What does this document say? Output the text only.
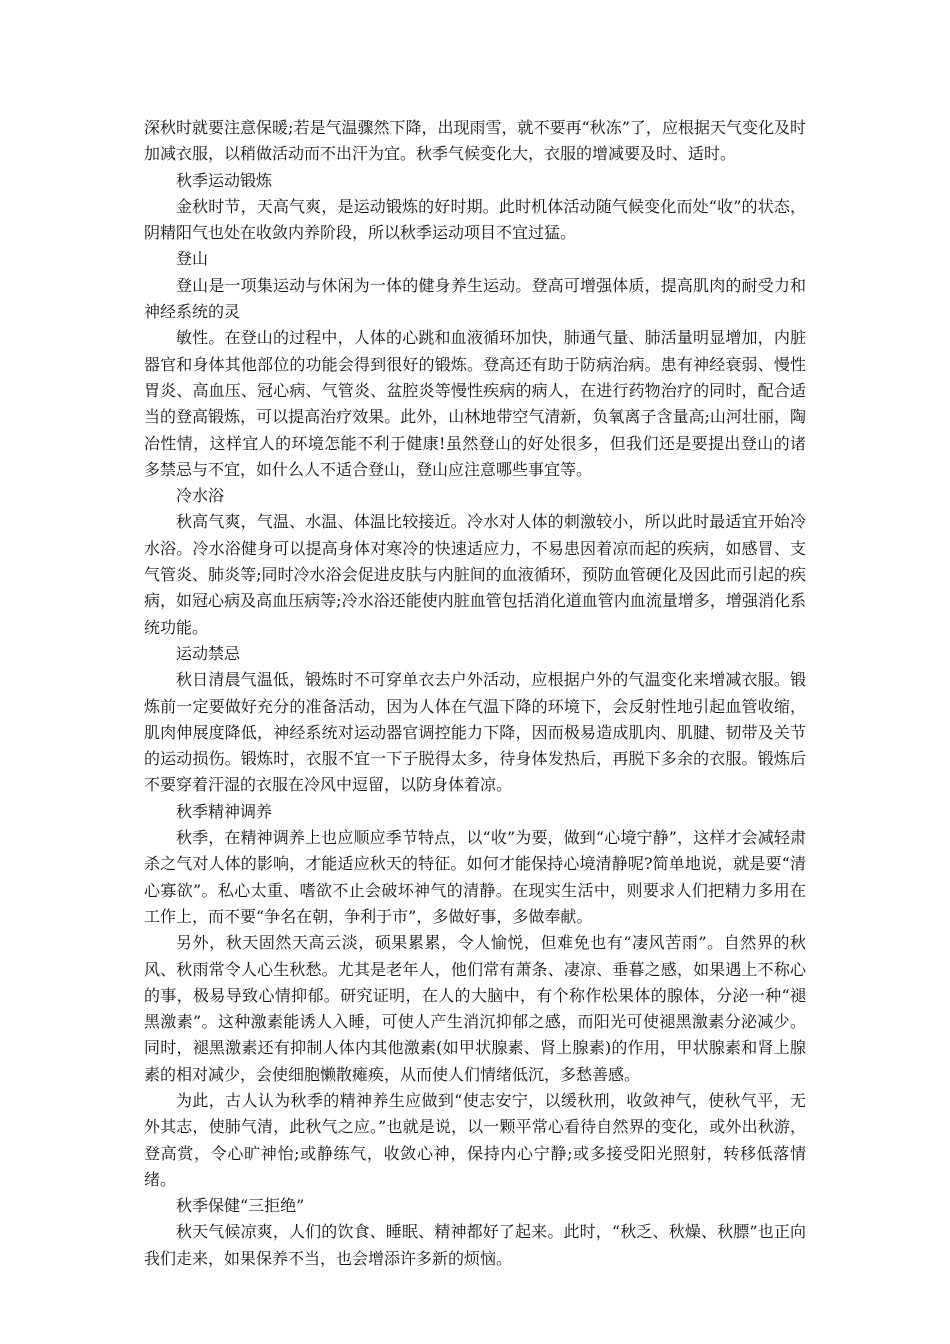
深秋时就要注意保暖;若是气温骤然下降，出现雨雪，就不要再“秋冻”了，应根据天气变化及时加减衣服，以稍做活动而不出汗为宜。秋季气候变化大，衣服的增减要及时、适时。

秋季运动锻炼

金秋时节，天高气爽，是运动锻炼的好时期。此时机体活动随气候变化而处“收”的状态，阴精阳气也处在收敛内养阶段，所以秋季运动项目不宜过猛。

登山

登山是一项集运动与休闲为一体的健身养生运动。登高可增强体质，提高肌肉的耐受力和神经系统的灵

敏性。在登山的过程中，人体的心跳和血液循环加快，肺通气量、肺活量明显增加，内脏器官和身体其他部位的功能会得到很好的锻炼。登高还有助于防病治病。患有神经衰弱、慢性胃炎、高血压、冠心病、气管炎、盆腔炎等慢性疾病的病人，在进行药物治疗的同时，配合适当的登高锻炼，可以提高治疗效果。此外，山林地带空气清新，负氧离子含量高;山河壮丽，陶冶性情，这样宜人的环境怎能不利于健康!虽然登山的好处很多，但我们还是要提出登山的诸多禁忌与不宜，如什么人不适合登山，登山应注意哪些事宜等。

冷水浴

秋高气爽，气温、水温、体温比较接近。冷水对人体的刺激较小，所以此时最适宜开始冷水浴。冷水浴健身可以提高身体对寒冷的快速适应力，不易患因着凉而起的疾病，如感冒、支气管炎、肺炎等;同时冷水浴会促进皮肤与内脏间的血液循环，预防血管硬化及因此而引起的疾病，如冠心病及高血压病等;冷水浴还能使内脏血管包括消化道血管内血流量增多，增强消化系统功能。

运动禁忌

秋日清晨气温低，锻炼时不可穿单衣去户外活动，应根据户外的气温变化来增减衣服。锻炼前一定要做好充分的准备活动，因为人体在气温下降的环境下，会反射性地引起血管收缩，肌肉伸展度降低，神经系统对运动器官调控能力下降，因而极易造成肌肉、肌腱、韧带及关节的运动损伤。锻炼时，衣服不宜一下子脱得太多，待身体发热后，再脱下多余的衣服。锻炼后不要穿着汗湿的衣服在冷风中逗留，以防身体着凉。

秋季精神调养

秋季，在精神调养上也应顺应季节特点，以“收”为要，做到“心境宁静”，这样才会减轻肃杀之气对人体的影响，才能适应秋天的特征。如何才能保持心境清静呢?简单地说，就是要“清心寡欲”。私心太重、嗜欲不止会破坏神气的清静。在现实生活中，则要求人们把精力多用在工作上，而不要“争名在朝，争利于市”，多做好事，多做奉献。

另外，秋天固然天高云淡，硕果累累，令人愉悦，但难免也有“凄风苦雨”。自然界的秋风、秋雨常令人心生秋愁。尤其是老年人，他们常有萧条、凄凉、垂暮之感，如果遇上不称心的事，极易导致心情抑郁。研究证明，在人的大脑中，有个称作松果体的腺体，分泌一种“褪黑激素”。这种激素能诱人入睡，可使人产生消沉抑郁之感，而阳光可使褪黑激素分泌减少。同时，褪黑激素还有抑制人体内其他激素(如甲状腺素、肾上腺素)的作用，甲状腺素和肾上腺素的相对减少，会使细胞懒散瘫痪，从而使人们情绪低沉，多愁善感。

为此，古人认为秋季的精神养生应做到“使志安宁，以缓秋刑，收敛神气，使秋气平，无外其志，使肺气清，此秋气之应。”也就是说，以一颗平常心看待自然界的变化，或外出秋游，登高赏，令心旷神怡;或静练气，收敛心神，保持内心宁静;或多接受阳光照射，转移低落情绪。

秋季保健“三拒绝”

秋天气候凉爽，人们的饮食、睡眠、精神都好了起来。此时，“秋乏、秋燥、秋膘”也正向我们走来，如果保养不当，也会增添许多新的烦恼。
